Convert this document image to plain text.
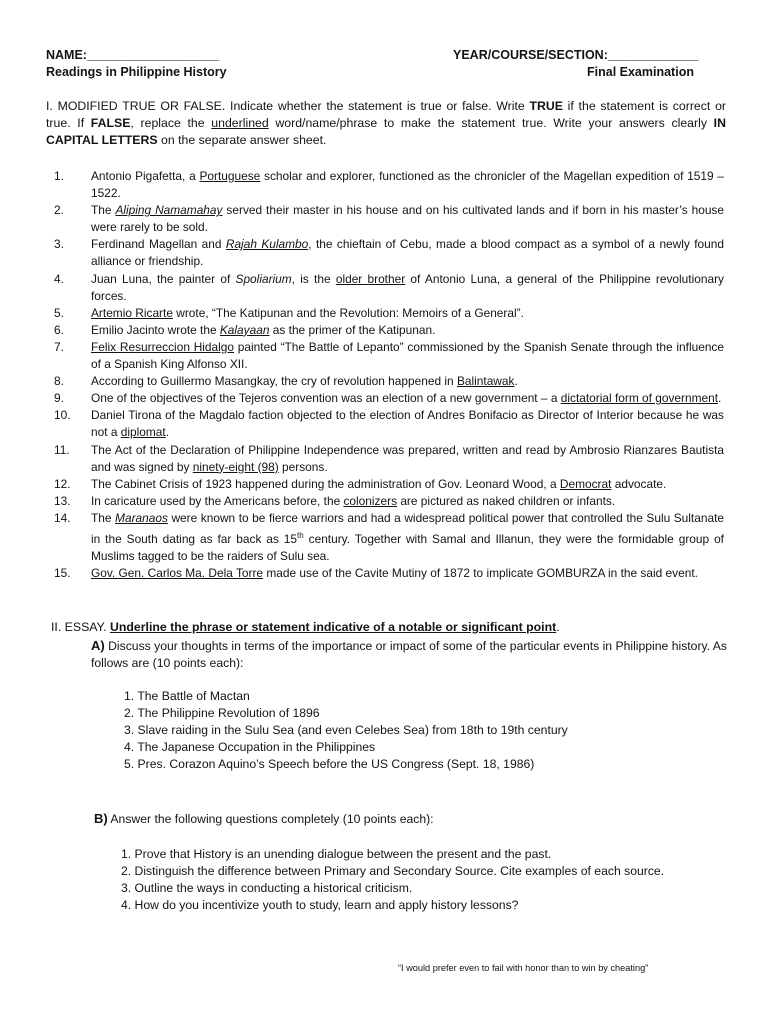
NAME:___________________	YEAR/COURSE/SECTION:_____________
Readings in Philippine History	Final Examination
I. MODIFIED TRUE OR FALSE. Indicate whether the statement is true or false. Write TRUE if the statement is correct or true. If FALSE, replace the underlined word/name/phrase to make the statement true. Write your answers clearly IN CAPITAL LETTERS on the separate answer sheet.
1. Antonio Pigafetta, a Portuguese scholar and explorer, functioned as the chronicler of the Magellan expedition of 1519 – 1522.
2. The Aliping Namamahay served their master in his house and on his cultivated lands and if born in his master’s house were rarely to be sold.
3. Ferdinand Magellan and Rajah Kulambo, the chieftain of Cebu, made a blood compact as a symbol of a newly found alliance or friendship.
4. Juan Luna, the painter of Spoliarium, is the older brother of Antonio Luna, a general of the Philippine revolutionary forces.
5. Artemio Ricarte wrote, “The Katipunan and the Revolution: Memoirs of a General”.
6. Emilio Jacinto wrote the Kalayaan as the primer of the Katipunan.
7. Felix Resurreccion Hidalgo painted “The Battle of Lepanto” commissioned by the Spanish Senate through the influence of a Spanish King Alfonso XII.
8. According to Guillermo Masangkay, the cry of revolution happened in Balintawak.
9. One of the objectives of the Tejeros convention was an election of a new government – a dictatorial form of government.
10. Daniel Tirona of the Magdalo faction objected to the election of Andres Bonifacio as Director of Interior because he was not a diplomat.
11. The Act of the Declaration of Philippine Independence was prepared, written and read by Ambrosio Rianzares Bautista and was signed by ninety-eight (98) persons.
12. The Cabinet Crisis of 1923 happened during the administration of Gov. Leonard Wood, a Democrat advocate.
13. In caricature used by the Americans before, the colonizers are pictured as naked children or infants.
14. The Maranaos were known to be fierce warriors and had a widespread political power that controlled the Sulu Sultanate in the South dating as far back as 15th century. Together with Samal and Illanun, they were the formidable group of Muslims tagged to be the raiders of Sulu sea.
15. Gov. Gen. Carlos Ma. Dela Torre made use of the Cavite Mutiny of 1872 to implicate GOMBURZA in the said event.
II. ESSAY. Underline the phrase or statement indicative of a notable or significant point.
A) Discuss your thoughts in terms of the importance or impact of some of the particular events in Philippine history. As follows are (10 points each):
1. The Battle of Mactan
2. The Philippine Revolution of 1896
3. Slave raiding in the Sulu Sea (and even Celebes Sea) from 18th to 19th century
4. The Japanese Occupation in the Philippines
5. Pres. Corazon Aquino’s Speech before the US Congress (Sept. 18, 1986)
B) Answer the following questions completely (10 points each):
1. Prove that History is an unending dialogue between the present and the past.
2. Distinguish the difference between Primary and Secondary Source. Cite examples of each source.
3. Outline the ways in conducting a historical criticism.
4. How do you incentivize youth to study, learn and apply history lessons?
“I would prefer even to fail with honor than to win by cheating”
